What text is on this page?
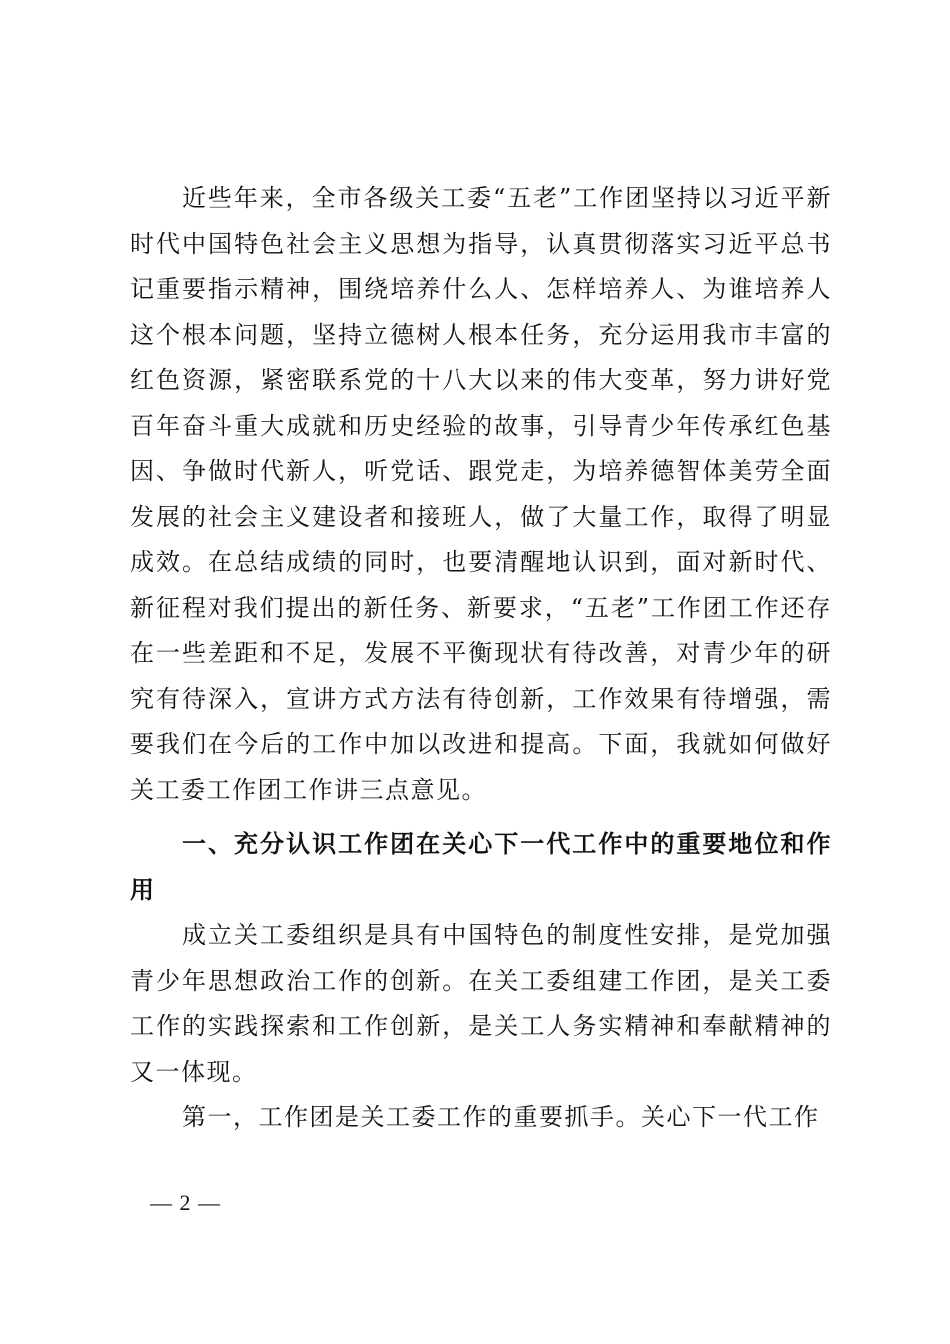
近些年来，全市各级关工委“五老”工作团坚持以习近平新时代中国特色社会主义思想为指导，认真贯彻落实习近平总书记重要指示精神，围绕培养什么人、怎样培养人、为谁培养人这个根本问题，坚持立德树人根本任务，充分运用我市丰富的红色资源，紧密联系党的十八大以来的伟大变革，努力讲好党百年奋斗重大成就和历史经验的故事，引导青少年传承红色基因、争做时代新人，听党话、跟党走，为培养德智体美劳全面发展的社会主义建设者和接班人，做了大量工作，取得了明显成效。在总结成绩的同时，也要清醒地认识到，面对新时代、新征程对我们提出的新任务、新要求，“五老”工作团工作还存在一些差距和不足，发展不平衡现状有待改善，对青少年的研究有待深入，宣讲方式方法有待创新，工作效果有待增强，需要我们在今后的工作中加以改进和提高。下面，我就如何做好关工委工作团工作讲三点意见。

一、充分认识工作团在关心下一代工作中的重要地位和作用

成立关工委组织是具有中国特色的制度性安排，是党加强青少年思想政治工作的创新。在关工委组建工作团，是关工委工作的实践探索和工作创新，是关工人务实精神和奉献精神的又一体现。

第一，工作团是关工委工作的重要抓手。关心下一代工作

— 2 —
